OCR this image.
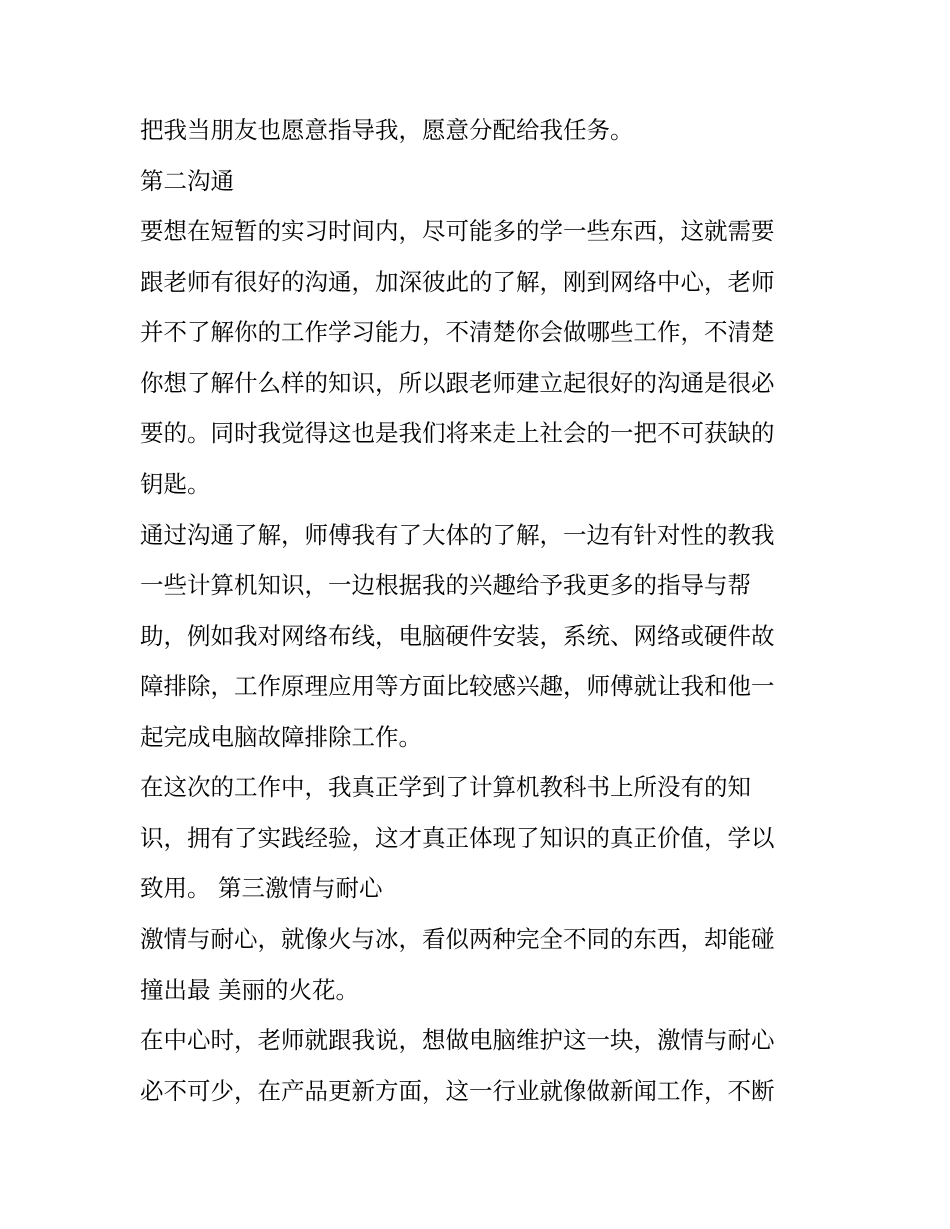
把我当朋友也愿意指导我，愿意分配给我任务。

第二沟通

要想在短暂的实习时间内，尽可能多的学一些东西，这就需要

跟老师有很好的沟通，加深彼此的了解，刚到网络中心，老师

并不了解你的工作学习能力，不清楚你会做哪些工作，不清楚

你想了解什么样的知识，所以跟老师建立起很好的沟通是很必

要的。同时我觉得这也是我们将来走上社会的一把不可获缺的

钥匙。

通过沟通了解，师傅我有了大体的了解，一边有针对性的教我

一些计算机知识，一边根据我的兴趣给予我更多的指导与帮

助，例如我对网络布线，电脑硬件安装，系统、网络或硬件故

障排除，工作原理应用等方面比较感兴趣，师傅就让我和他一

起完成电脑故障排除工作。

在这次的工作中，我真正学到了计算机教科书上所没有的知

识，拥有了实践经验，这才真正体现了知识的真正价值，学以

致用。 第三激情与耐心

激情与耐心，就像火与冰，看似两种完全不同的东西，却能碰

撞出最 美丽的火花。

在中心时，老师就跟我说，想做电脑维护这一块，激情与耐心

必不可少，在产品更新方面，这一行业就像做新闻工作，不断
